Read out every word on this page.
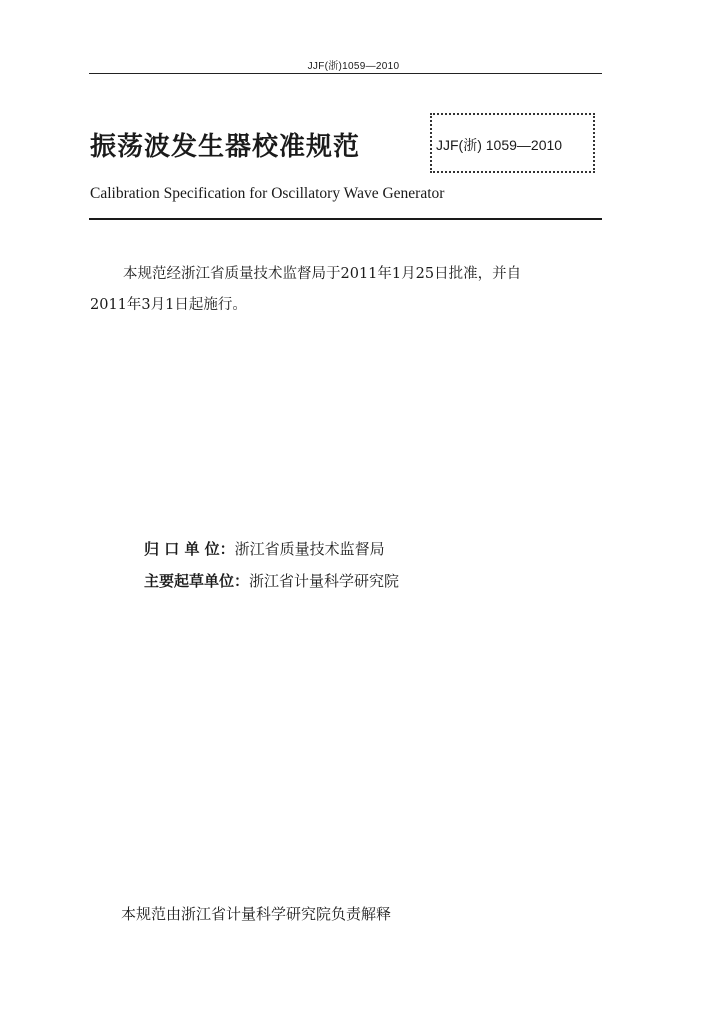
JJF(浙)1059—2010
振荡波发生器校准规范	JJF(浙) 1059—2010
Calibration Specification for Oscillatory Wave Generator
本规范经浙江省质量技术监督局于2011年1月25日批准，并自
2011年3月1日起施行。
归 口 单 位：浙江省质量技术监督局
主要起草单位：浙江省计量科学研究院
本规范由浙江省计量科学研究院负责解释
